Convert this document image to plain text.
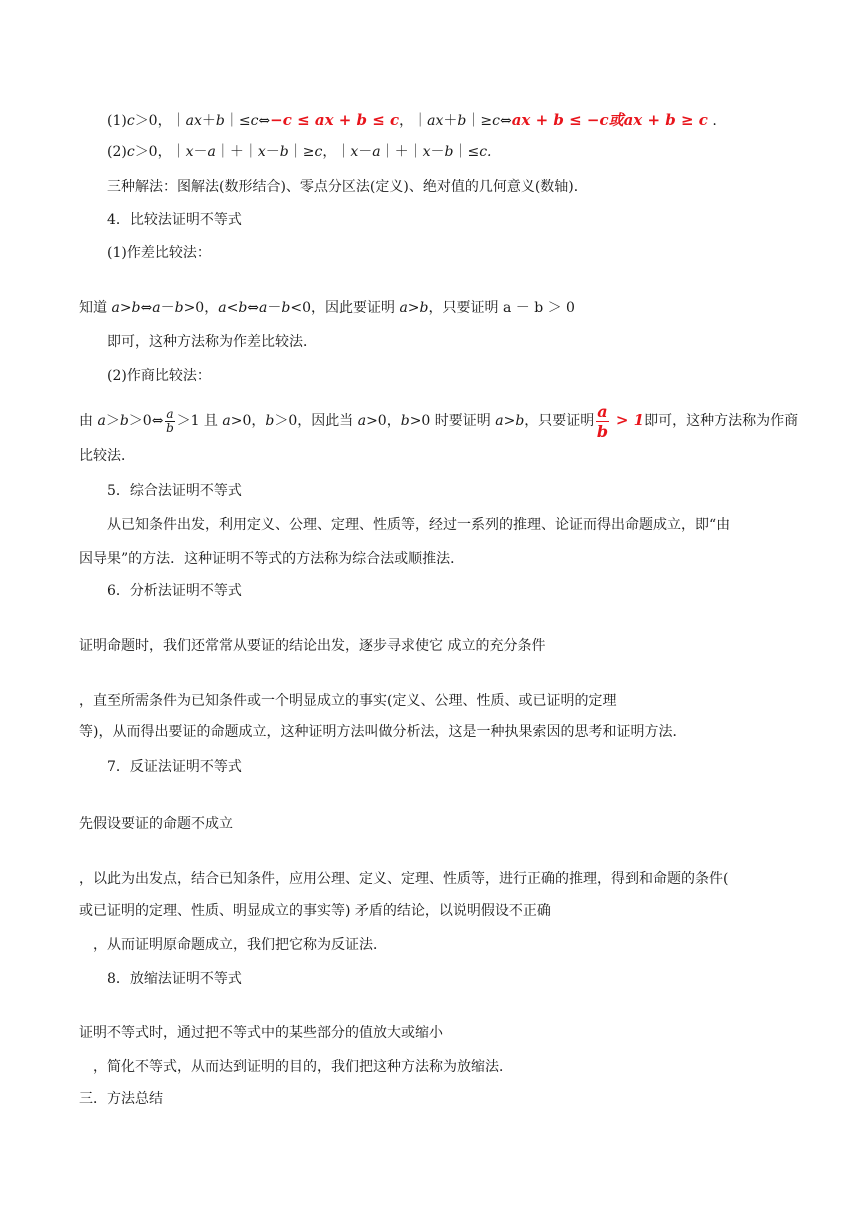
(1)c＞0，｜ax＋b｜≤c⇔−c ≤ ax + b ≤ c，｜ax＋b｜≥c⇔ax + b ≤ −c或ax + b ≥ c .
(2)c＞0，｜x－a｜＋｜x－b｜≥c，｜x－a｜＋｜x－b｜≤c.
三种解法：图解法(数形结合)、零点分区法(定义)、绝对值的几何意义(数轴)．
4．比较法证明不等式
(1)作差比较法：
知道 a>b⇔a－b>0，a<b⇔a－b<0，因此要证明 a>b，只要证明 a － b ＞ 0
即可，这种方法称为作差比较法．
(2)作商比较法：
由 a＞b＞0⇔ $\frac{a}{b} >1$ 且 a>0，b＞0，因此当 a>0，b>0 时要证明 a>b，只要证明 $\frac{a}{b} > 1$即可，这种方法称为作商
比较法．
5．综合法证明不等式
从已知条件出发，利用定义、公理、定理、性质等，经过一系列的推理、论证而得出命题成立，即“由
因导果”的方法．这种证明不等式的方法称为综合法或顺推法．
6．分析法证明不等式
证明命题时，我们还常常从要证的结论出发，逐步寻求使它 成立的充分条件
，直至所需条件为已知条件或一个明显成立的事实(定义、公理、性质、或已证明的定理
等)，从而得出要证的命题成立，这种证明方法叫做分析法，这是一种执果索因的思考和证明方法．
7．反证法证明不等式
先假设要证的命题不成立
，以此为出发点，结合已知条件，应用公理、定义、定理、性质等，进行正确的推理，得到和命题的条件(
或已证明的定理、性质、明显成立的事实等) 矛盾的结论，以说明假设不正确
，从而证明原命题成立，我们把它称为反证法．
8．放缩法证明不等式
证明不等式时，通过把不等式中的某些部分的值放大或缩小
，简化不等式，从而达到证明的目的，我们把这种方法称为放缩法．
三．方法总结
